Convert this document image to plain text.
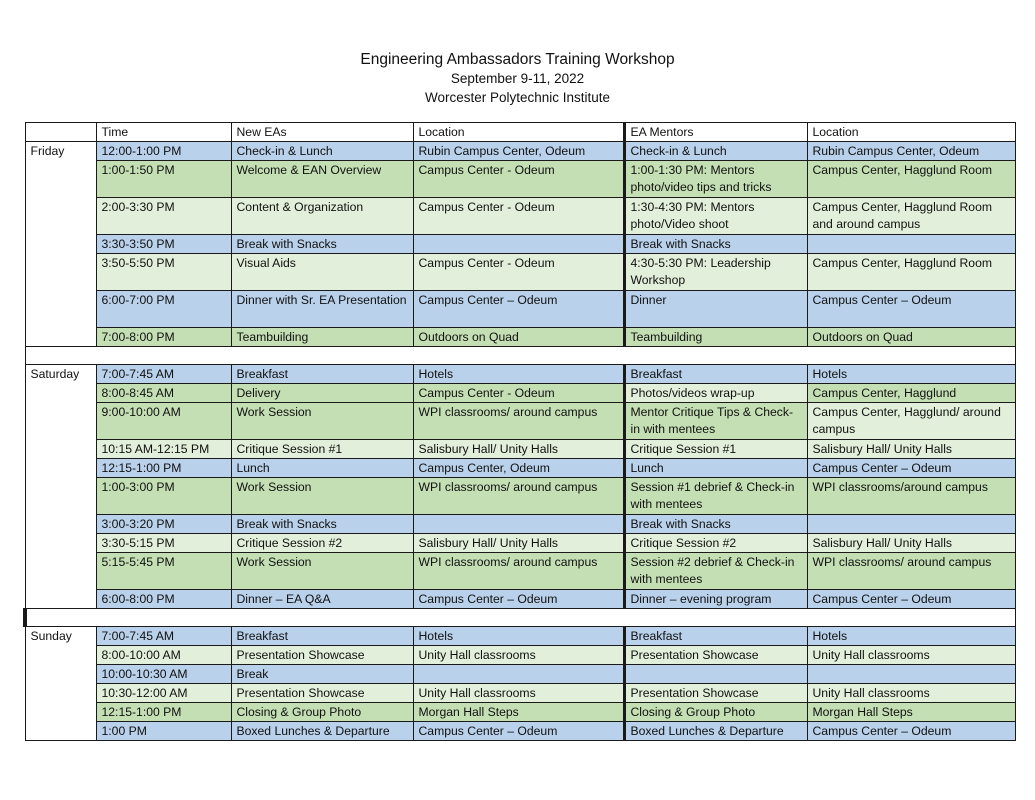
Engineering Ambassadors Training Workshop
September 9-11, 2022
Worcester Polytechnic Institute
	Time	New EAs	Location	EA Mentors	Location
Friday	12:00-1:00 PM	Check-in & Lunch	Rubin Campus Center, Odeum	Check-in & Lunch	Rubin Campus Center, Odeum
	1:00-1:50 PM	Welcome & EAN Overview	Campus Center - Odeum	1:00-1:30 PM: Mentors photo/video tips and tricks	Campus Center, Hagglund Room
	2:00-3:30 PM	Content & Organization	Campus Center - Odeum	1:30-4:30 PM: Mentors photo/Video shoot	Campus Center, Hagglund Room and around campus
	3:30-3:50 PM	Break with Snacks		Break with Snacks	
	3:50-5:50 PM	Visual Aids	Campus Center - Odeum	4:30-5:30 PM: Leadership Workshop	Campus Center, Hagglund Room
	6:00-7:00 PM	Dinner with Sr. EA Presentation	Campus Center – Odeum	Dinner	Campus Center – Odeum
	7:00-8:00 PM	Teambuilding	Outdoors on Quad	Teambuilding	Outdoors on Quad

Saturday	7:00-7:45 AM	Breakfast	Hotels	Breakfast	Hotels
	8:00-8:45 AM	Delivery	Campus Center - Odeum	Photos/videos wrap-up	Campus Center, Hagglund
	9:00-10:00 AM	Work Session	WPI classrooms/ around campus	Mentor Critique Tips & Check-in with mentees	Campus Center, Hagglund/ around campus
	10:15 AM-12:15 PM	Critique Session #1	Salisbury Hall/ Unity Halls	Critique Session #1	Salisbury Hall/ Unity Halls
	12:15-1:00 PM	Lunch	Campus Center, Odeum	Lunch	Campus Center – Odeum
	1:00-3:00 PM	Work Session	WPI classrooms/ around campus	Session #1 debrief & Check-in with mentees	WPI classrooms/around campus
	3:00-3:20 PM	Break with Snacks		Break with Snacks	
	3:30-5:15 PM	Critique Session #2	Salisbury Hall/ Unity Halls	Critique Session #2	Salisbury Hall/ Unity Halls
	5:15-5:45 PM	Work Session	WPI classrooms/ around campus	Session #2 debrief & Check-in with mentees	WPI classrooms/ around campus
	6:00-8:00 PM	Dinner – EA Q&A	Campus Center – Odeum	Dinner – evening program	Campus Center – Odeum

Sunday	7:00-7:45 AM	Breakfast	Hotels	Breakfast	Hotels
	8:00-10:00 AM	Presentation Showcase	Unity Hall classrooms	Presentation Showcase	Unity Hall classrooms
	10:00-10:30 AM	Break			
	10:30-12:00 AM	Presentation Showcase	Unity Hall classrooms	Presentation Showcase	Unity Hall classrooms
	12:15-1:00 PM	Closing & Group Photo	Morgan Hall Steps	Closing & Group Photo	Morgan Hall Steps
	1:00 PM	Boxed Lunches & Departure	Campus Center – Odeum	Boxed Lunches & Departure	Campus Center – Odeum
